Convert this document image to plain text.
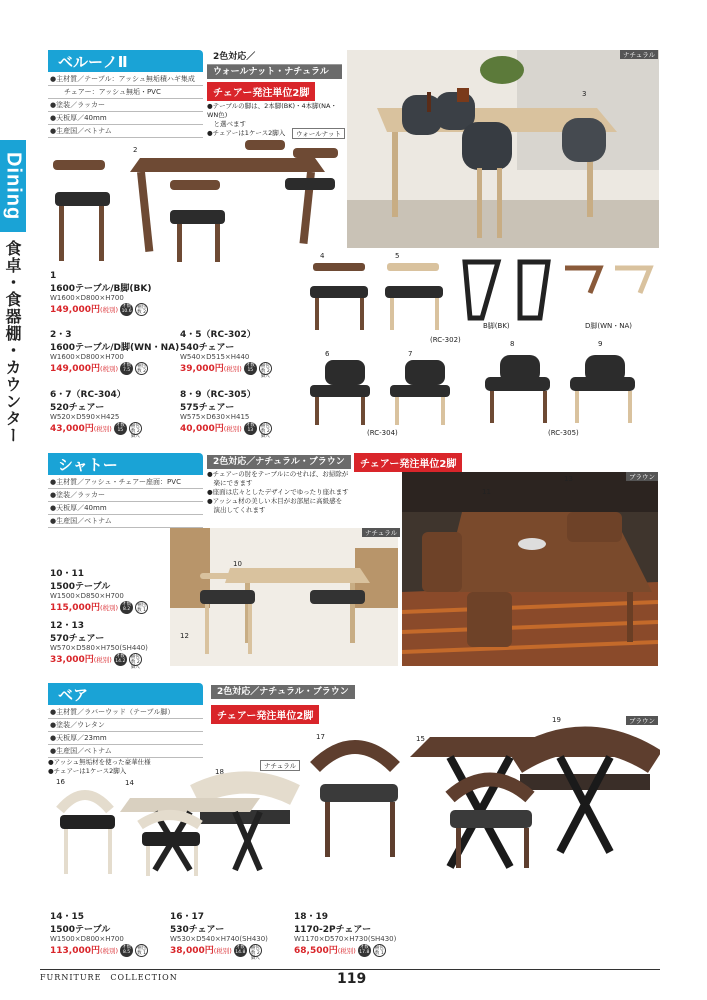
Dining
食卓・食器棚・カウンター
ベルーノⅡ
●主材質／テーブル：アッシュ無垢積ハギ集成
　　チェアー：アッシュ無垢・PVC
●塗装／ラッカー
●天板厚／40mm
●生産国／ベトナム
2色対応／
ウォールナット・ナチュラル
チェアー発注単位2脚
●テーブルの脚は、2本脚(BK)・4本脚(NA・WN色)
　と選べます
●チェアーは1ケース2脚入
ナチュラル
3
ウォールナット
2
4	5
(RC-302)
B脚(BK)	D脚(WN・NA)
6	7
8	9
(RC-304)	(RC-305)
1
1600テーブル/B脚(BK)
W1600×D800×H700
149,000円(税別) 才数 10.6梱包数 2
2・3
1600テーブル/D脚(WN・NA)
W1600×D800×H700
149,000円(税別) 才数 7.5梱包数 2
4・5（RC-302）
540チェアー
W540×D515×H440
39,000円(税別) 才数 15梱包数 2脚入
6・7（RC-304）
520チェアー
W520×D590×H425
43,000円(税別) 才数 15梱包数 2脚入
8・9（RC-305）
575チェアー
W575×D630×H415
40,000円(税別) 才数 13梱包数 2脚入
シャトー
●主材質／アッシュ・チェアー座面：PVC
●塗装／ラッカー
●天板厚／40mm
●生産国／ベトナム
2色対応／ナチュラル・ブラウン	チェアー発注単位2脚
●チェアーの肘をテーブルにのせれば、お掃除が
　楽にできます
●座面は広々としたデザインでゆったり座れます
●アッシュ材の美しい木目がお部屋に高級感を
　演出してくれます
ブラウン
11
13
ナチュラル
10
12
10・11
1500テーブル
W1500×D850×H700
115,000円(税別) 才数 8.2梱包数 1
12・13
570チェアー
W570×D580×H750(SH440)
33,000円(税別) 才数 14.2梱包数 2脚入
ベア
●主材質／ラバーウッド（テーブル脚）
●塗装／ウレタン
●天板厚／23mm
●生産国／ベトナム
●アッシュ無垢材を使った豪華仕様
●チェアーは1ケース2脚入
2色対応／ナチュラル・ブラウン
チェアー発注単位2脚
ナチュラル
16	14
18
ブラウン
17	15
19
14・15
1500テーブル
W1500×D800×H700
113,000円(税別) 才数 8.5梱包数 1
16・17
530チェアー
W530×D540×H740(SH430)
38,000円(税別) 才数 14.8梱包数 2脚入
18・19
1170-2Pチェアー
W1170×D570×H730(SH430)
68,500円(税別) 才数 17.8梱包数 1
FURNITURE　COLLECTION	119
